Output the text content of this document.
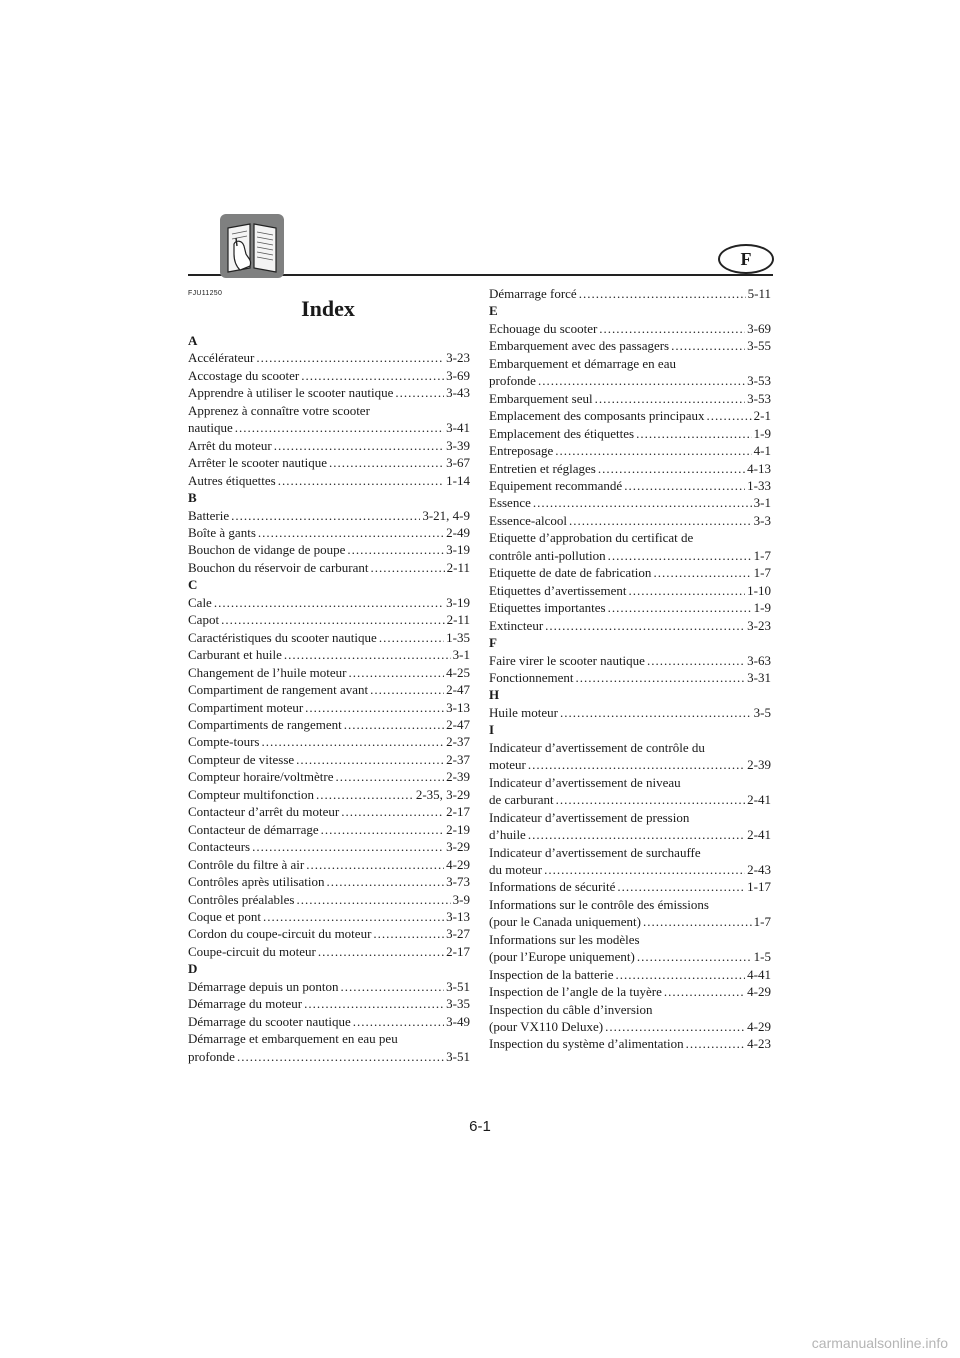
F
FJU11250
Index
A
Accélérateur .....	3-23
Accostage du scooter .....	3-69
Apprendre à utiliser le scooter nautique .....	3-43
Apprenez à connaître votre scooter
nautique .....	3-41
Arrêt du moteur .....	3-39
Arrêter le scooter nautique .....	3-67
Autres étiquettes .....	1-14
B
Batterie .....	3-21, 4-9
Boîte à gants .....	2-49
Bouchon de vidange de poupe .....	3-19
Bouchon du réservoir de carburant .....	2-11
C
Cale .....	3-19
Capot .....	2-11
Caractéristiques du scooter nautique .....	1-35
Carburant et huile .....	3-1
Changement de l’huile moteur .....	4-25
Compartiment de rangement avant .....	2-47
Compartiment moteur .....	3-13
Compartiments de rangement .....	2-47
Compte-tours .....	2-37
Compteur de vitesse .....	2-37
Compteur horaire/voltmètre .....	2-39
Compteur multifonction .....	2-35, 3-29
Contacteur d’arrêt du moteur .....	2-17
Contacteur de démarrage .....	2-19
Contacteurs .....	3-29
Contrôle du filtre à air .....	4-29
Contrôles après utilisation .....	3-73
Contrôles préalables .....	3-9
Coque et pont .....	3-13
Cordon du coupe-circuit du moteur .....	3-27
Coupe-circuit du moteur .....	2-17
D
Démarrage depuis un ponton .....	3-51
Démarrage du moteur .....	3-35
Démarrage du scooter nautique .....	3-49
Démarrage et embarquement en eau peu
profonde .....	3-51
Démarrage forcé .....	5-11
E
Echouage du scooter .....	3-69
Embarquement avec des passagers .....	3-55
Embarquement et démarrage en eau
profonde .....	3-53
Embarquement seul .....	3-53
Emplacement des composants principaux .....	2-1
Emplacement des étiquettes .....	1-9
Entreposage .....	4-1
Entretien et réglages .....	4-13
Equipement recommandé .....	1-33
Essence .....	3-1
Essence-alcool .....	3-3
Etiquette d’approbation du certificat de
contrôle anti-pollution .....	1-7
Etiquette de date de fabrication .....	1-7
Etiquettes d’avertissement .....	1-10
Etiquettes importantes .....	1-9
Extincteur .....	3-23
F
Faire virer le scooter nautique .....	3-63
Fonctionnement .....	3-31
H
Huile moteur .....	3-5
I
Indicateur d’avertissement de contrôle du
moteur .....	2-39
Indicateur d’avertissement de niveau
de carburant .....	2-41
Indicateur d’avertissement de pression
d’huile .....	2-41
Indicateur d’avertissement de surchauffe
du moteur .....	2-43
Informations de sécurité .....	1-17
Informations sur le contrôle des émissions
(pour le Canada uniquement) .....	1-7
Informations sur les modèles
(pour l’Europe uniquement) .....	1-5
Inspection de la batterie .....	4-41
Inspection de l’angle de la tuyère .....	4-29
Inspection du câble d’inversion
(pour VX110 Deluxe) .....	4-29
Inspection du système d’alimentation .....	4-23
6-1
carmanualsonline.info
